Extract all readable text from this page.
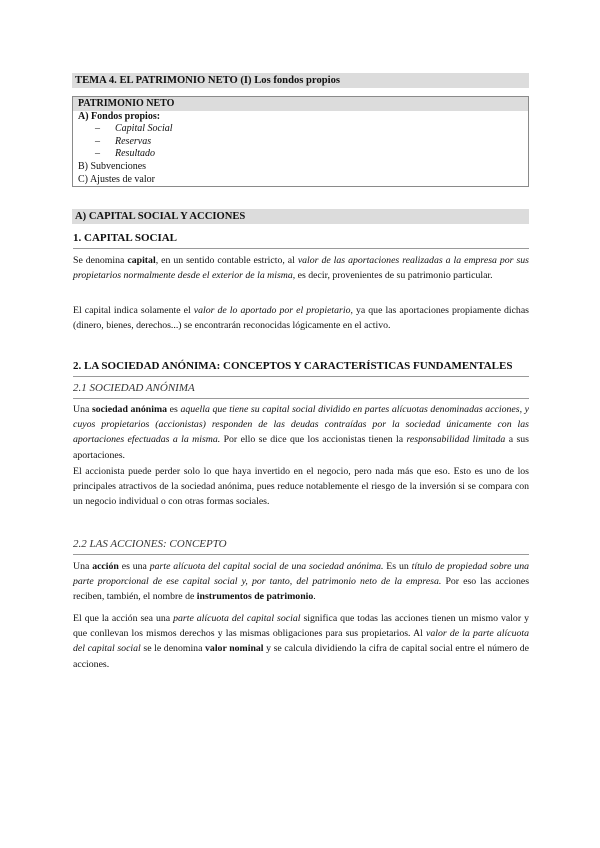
TEMA 4. EL PATRIMONIO NETO (I) Los fondos propios
PATRIMONIO NETO
A) Fondos propios:
– Capital Social
– Reservas
– Resultado
B) Subvenciones
C) Ajustes de valor
A) CAPITAL SOCIAL Y ACCIONES
1. CAPITAL SOCIAL

Se denomina capital, en un sentido contable estricto, al valor de las aportaciones realizadas a la empresa por sus propietarios normalmente desde el exterior de la misma, es decir, provenientes de su patrimonio particular.

El capital indica solamente el valor de lo aportado por el propietario, ya que las aportaciones propiamente dichas (dinero, bienes, derechos...) se encontrarán reconocidas lógicamente en el activo.

2. LA SOCIEDAD ANÓNIMA: CONCEPTOS Y CARACTERÍSTICAS FUNDAMENTALES
2.1 SOCIEDAD ANÓNIMA

Una sociedad anónima es aquella que tiene su capital social dividido en partes alícuotas denominadas acciones, y cuyos propietarios (accionistas) responden de las deudas contraídas por la sociedad únicamente con las aportaciones efectuadas a la misma. Por ello se dice que los accionistas tienen la responsabilidad limitada a sus aportaciones.

El accionista puede perder solo lo que haya invertido en el negocio, pero nada más que eso. Esto es uno de los principales atractivos de la sociedad anónima, pues reduce notablemente el riesgo de la inversión si se compara con un negocio individual o con otras formas sociales.

2.2 LAS ACCIONES: CONCEPTO

Una acción es una parte alícuota del capital social de una sociedad anónima. Es un título de propiedad sobre una parte proporcional de ese capital social y, por tanto, del patrimonio neto de la empresa. Por eso las acciones reciben, también, el nombre de instrumentos de patrimonio.

El que la acción sea una parte alícuota del capital social significa que todas las acciones tienen un mismo valor y que conllevan los mismos derechos y las mismas obligaciones para sus propietarios. Al valor de la parte alícuota del capital social se le denomina valor nominal y se calcula dividiendo la cifra de capital social entre el número de acciones.
